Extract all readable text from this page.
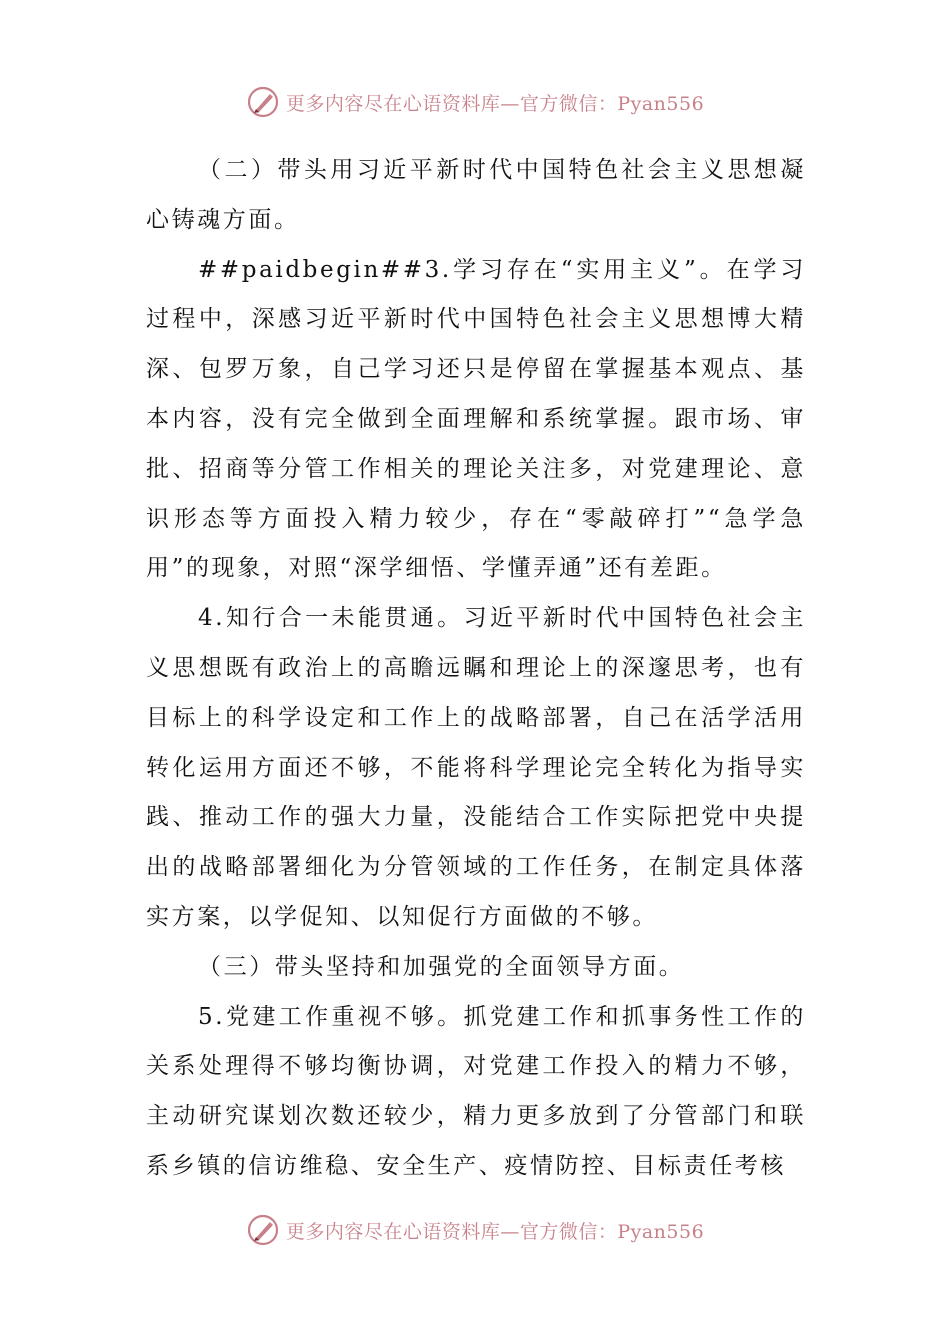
更多内容尽在心语资料库—官方微信：Pyan556

（二）带头用习近平新时代中国特色社会主义思想凝心铸魂方面。

##paidbegin##3.学习存在“实用主义”。在学习过程中，深感习近平新时代中国特色社会主义思想博大精深、包罗万象，自己学习还只是停留在掌握基本观点、基本内容，没有完全做到全面理解和系统掌握。跟市场、审批、招商等分管工作相关的理论关注多，对党建理论、意识形态等方面投入精力较少，存在“零敲碎打”“急学急用”的现象，对照“深学细悟、学懂弄通”还有差距。

4.知行合一未能贯通。习近平新时代中国特色社会主义思想既有政治上的高瞻远瞩和理论上的深邃思考，也有目标上的科学设定和工作上的战略部署，自己在活学活用转化运用方面还不够，不能将科学理论完全转化为指导实践、推动工作的强大力量，没能结合工作实际把党中央提出的战略部署细化为分管领域的工作任务，在制定具体落实方案，以学促知、以知促行方面做的不够。

（三）带头坚持和加强党的全面领导方面。

5.党建工作重视不够。抓党建工作和抓事务性工作的关系处理得不够均衡协调，对党建工作投入的精力不够，主动研究谋划次数还较少，精力更多放到了分管部门和联系乡镇的信访维稳、安全生产、疫情防控、目标责任考核

更多内容尽在心语资料库—官方微信：Pyan556
